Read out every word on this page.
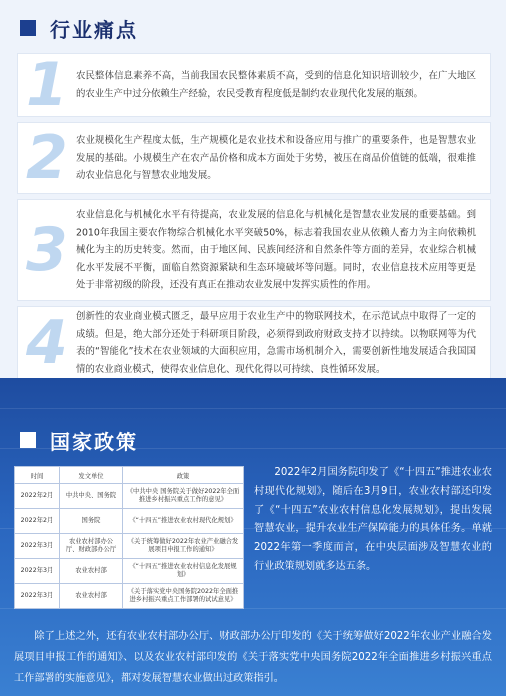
行业痛点
1 农民整体信息素养不高，当前我国农民整体素质不高，受到的信息化知识培训较少，在广大地区的农业生产中过分依赖生产经验，农民受教育程度低是制约农业现代化发展的瓶颈。
2 农业规模化生产程度太低，生产规模化是农业技术和设备应用与推广的重要条件，也是智慧农业发展的基础。小规模生产在农产品价格和成本方面处于劣势，被压在商品价值链的低端，很难推动农业信息化与智慧农业地发展。
3
农业信息化与机械化水平有待提高，农业发展的信息化与机械化是智慧农业发展的重要基础。到2010年我国主要农作物综合机械化水平突破50%，标志着我国农业从依赖人畜力为主向依赖机械化为主的历史转变。然而，由于地区间、民族间经济和自然条件等方面的差异，农业综合机械化水平发展不平衡，面临自然资源紧缺和生态环境破坏等问题。同时，农业信息技术应用等更是处于非常初级的阶段，还没有真正在推动农业发展中发挥实质性的作用。
4 创新性的农业商业模式匮乏，最早应用于农业生产中的物联网技术，在示范试点中取得了一定的成绩。但是，绝大部分还处于科研项目阶段，必须得到政府财政支持才以持续。以物联网等为代表的“智能化”技术在农业领域的大面积应用，急需市场机制介入，需要创新性地发展适合我国国情的农业商业模式，使得农业信息化、现代化得以可持续、良性循环发展。
国家政策
时间	发文单位	政策
2022年2月	中共中央、国务院	《中共中央 国务院关于做好2022年全面推进乡村振兴重点工作的意见》
2022年2月	国务院	《“十四五”推进农业农村现代化规划》
2022年3月	农业农村部办公厅、财政部办公厅	《关于统筹做好2022年农业产业融合发展项目申报工作的通知》
2022年3月	农业农村部	《“十四五”推进农业农村信息化发展规划》
2022年3月	农业农村部	《关于落实党中央国务院2022年全面推进乡村振兴重点工作部署的试试意见》
2022年2月国务院印发了《“十四五”推进农业农村现代化规划》，随后在3月9日，农业农村部还印发了《“十四五”农业农村信息化发展规划》，提出发展智慧农业，提升农业生产保障能力的具体任务。单就2022年第一季度而言，在中央层面涉及智慧农业的行业政策规划就多达五条。
除了上述之外，还有农业农村部办公厅、财政部办公厅印发的《关于统筹做好2022年农业产业融合发展项目申报工作的通知》、以及农业农村部印发的《关于落实党中央国务院2022年全面推进乡村振兴重点工作部署的实施意见》，都对发展智慧农业做出过政策指引。
